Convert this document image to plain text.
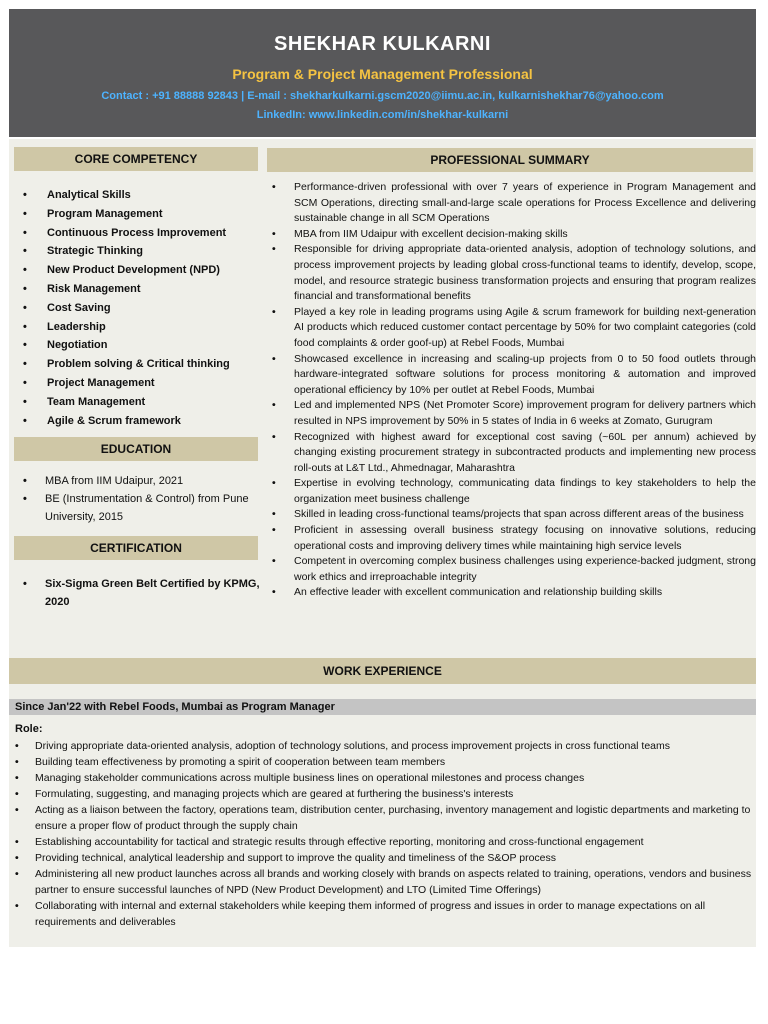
SHEKHAR KULKARNI
Program & Project Management Professional
Contact : +91 88888 92843 | E-mail : shekharkulkarni.gscm2020@iimu.ac.in, kulkarnishekhar76@yahoo.com
LinkedIn: www.linkedin.com/in/shekhar-kulkarni
CORE COMPETENCY
• Analytical Skills
• Program Management
• Continuous Process Improvement
• Strategic Thinking
• New Product Development (NPD)
• Risk Management
• Cost Saving
• Leadership
• Negotiation
• Problem solving & Critical thinking
• Project Management
• Team Management
• Agile & Scrum framework
EDUCATION
• MBA from IIM Udaipur, 2021
• BE (Instrumentation & Control) from Pune University, 2015
CERTIFICATION
• Six-Sigma Green Belt Certified by KPMG, 2020
PROFESSIONAL SUMMARY
• Performance-driven professional with over 7 years of experience in Program Management and SCM Operations, directing small-and-large scale operations for Process Excellence and delivering sustainable change in all SCM Operations
• MBA from IIM Udaipur with excellent decision-making skills
• Responsible for driving appropriate data-oriented analysis, adoption of technology solutions, and process improvement projects by leading global cross-functional teams to identify, develop, scope, model, and resource strategic business transformation projects and ensuring that program realizes financial and transformational benefits
• Played a key role in leading programs using Agile & scrum framework for building next-generation AI products which reduced customer contact percentage by 50% for two complaint categories (cold food complaints & order goof-up) at Rebel Foods, Mumbai
• Showcased excellence in increasing and scaling-up projects from 0 to 50 food outlets through hardware-integrated software solutions for process monitoring & automation and improved operational efficiency by 10% per outlet at Rebel Foods, Mumbai
• Led and implemented NPS (Net Promoter Score) improvement program for delivery partners which resulted in NPS improvement by 50% in 5 states of India in 6 weeks at Zomato, Gurugram
• Recognized with highest award for exceptional cost saving (~60L per annum) achieved by changing existing procurement strategy in subcontracted products and implementing new process roll-outs at L&T Ltd., Ahmednagar, Maharashtra
• Expertise in evolving technology, communicating data findings to key stakeholders to help the organization meet business challenge
• Skilled in leading cross-functional teams/projects that span across different areas of the business
• Proficient in assessing overall business strategy focusing on innovative solutions, reducing operational costs and improving delivery times while maintaining high service levels
• Competent in overcoming complex business challenges using experience-backed judgment, strong work ethics and irreproachable integrity
• An effective leader with excellent communication and relationship building skills
WORK EXPERIENCE
Since Jan'22 with Rebel Foods, Mumbai as Program Manager
Role:
• Driving appropriate data-oriented analysis, adoption of technology solutions, and process improvement projects in cross functional teams
• Building team effectiveness by promoting a spirit of cooperation between team members
• Managing stakeholder communications across multiple business lines on operational milestones and process changes
• Formulating, suggesting, and managing projects which are geared at furthering the business's interests
• Acting as a liaison between the factory, operations team, distribution center, purchasing, inventory management and logistic departments and marketing to ensure a proper flow of product through the supply chain
• Establishing accountability for tactical and strategic results through effective reporting, monitoring and cross-functional engagement
• Providing technical, analytical leadership and support to improve the quality and timeliness of the S&OP process
• Administering all new product launches across all brands and working closely with brands on aspects related to training, operations, vendors and business partner to ensure successful launches of NPD (New Product Development) and LTO (Limited Time Offerings)
• Collaborating with internal and external stakeholders while keeping them informed of progress and issues in order to manage expectations on all requirements and deliverables
